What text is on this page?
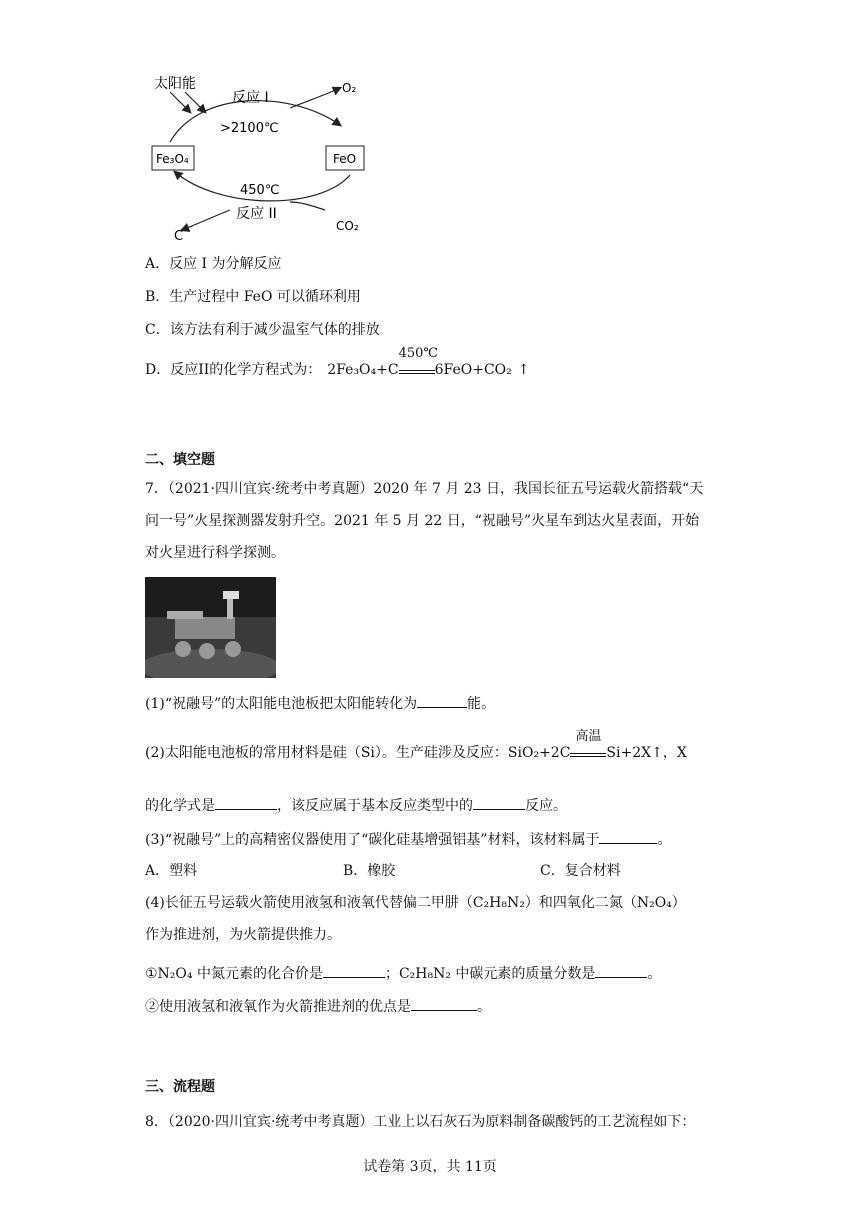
太阳能
反应 I
>2100℃
O₂
Fe₃O₄	FeO
450℃
反应 II
C
CO₂
A．反应 I 为分解反应
B．生产过程中 FeO 可以循环利用
C．该方法有利于减少温室气体的排放
D．反应II的化学方程式为： 2Fe₃O₄+C
450℃
6FeO+CO₂ ↑
二、填空题
7．（2021·四川宜宾·统考中考真题）2020 年 7 月 23 日，我国长征五号运载火箭搭载“天
问一号”火星探测器发射升空。2021 年 5 月 22 日，“祝融号”火星车到达火星表面，开始
对火星进行科学探测。
(1)“祝融号”的太阳能电池板把太阳能转化为	能。
(2)太阳能电池板的常用材料是硅（Si）。生产硅涉及反应：SiO₂+2C
高温
Si+2X↑，X
的化学式是	，该反应属于基本反应类型中的	反应。
(3)“祝融号”上的高精密仪器使用了“碳化硅基增强铝基”材料，该材料属于	。
A．塑料	B．橡胶	C．复合材料
(4)长征五号运载火箭使用液氢和液氧代替偏二甲肼（C₂H₈N₂）和四氧化二氮（N₂O₄）
作为推进剂，为火箭提供推力。
①N₂O₄ 中氮元素的化合价是	；C₂H₈N₂ 中碳元素的质量分数是	。
②使用液氢和液氧作为火箭推进剂的优点是	。
三、流程题
8．（2020·四川宜宾·统考中考真题）工业上以石灰石为原料制备碳酸钙的工艺流程如下：
试卷第 3页，共 11页
